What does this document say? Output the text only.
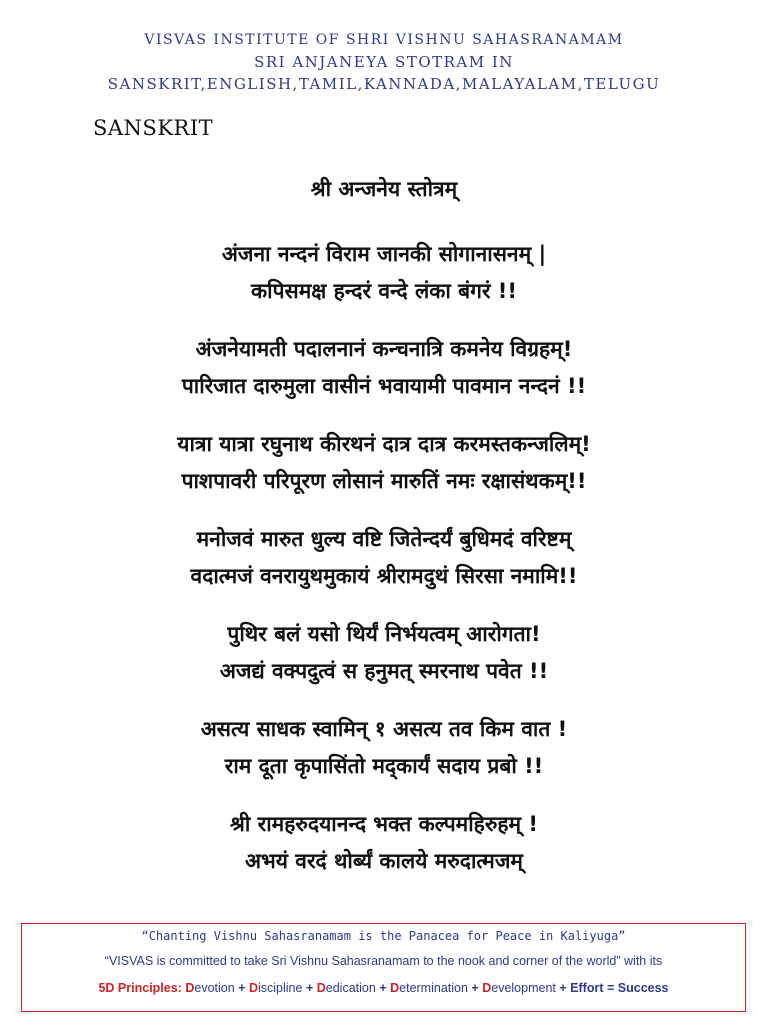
VISVAS INSTITUTE OF SHRI VISHNU SAHASRANAMAM
SRI ANJANEYA STOTRAM IN
SANSKRIT,ENGLISH,TAMIL,KANNADA,MALAYALAM,TELUGU
SANSKRIT
श्री अन्जनेय स्तोत्रम्
अंजना नन्दनं विराम जानकी सोगानासनम् |
कपिसमक्ष हन्दरं वन्दे लंका बंगरं !!
अंजनेयामती पदालनानं कन्चनात्रि कमनेय विग्रहम्!
पारिजात दारुमुला वासीनं भवायामी पावमान नन्दनं !!
यात्रा यात्रा रघुनाथ कीरथनं दात्र दात्र करमस्तकन्जलिम्!
पाशपावरी परिपूरण लोसानं मारुतिं नमः रक्षासंथकम्!!
मनोजवं मारुत धुल्य वष्टि जितेन्दर्यं बुधिमदं वरिष्टम्
वदात्मजं वनरायुथमुकायं श्रीरामदुथं सिरसा नमामि!!
पुथिर बलं यसो थिर्यं निर्भयत्वम् आरोगता!
अजद्यं वक्पदुत्वं स हनुमत् स्मरनाथ पवेत !!
असत्य साधक स्वामिन् १ असत्य तव किम वात !
राम दूता कृपासिंतो मद्कार्यं सदाय प्रबो !!
श्री रामहरुदयानन्द भक्त कल्पमहिरुहम् !
अभयं वरदं थोर्ब्यं कालये मरुदात्मजम्
“Chanting Vishnu Sahasranamam is the Panacea for Peace in Kaliyuga”
“VISVAS is committed to take Sri Vishnu Sahasranamam to the nook and corner of the world” with its
5D Principles: Devotion + Discipline + Dedication + Determination + Development + Effort = Success
